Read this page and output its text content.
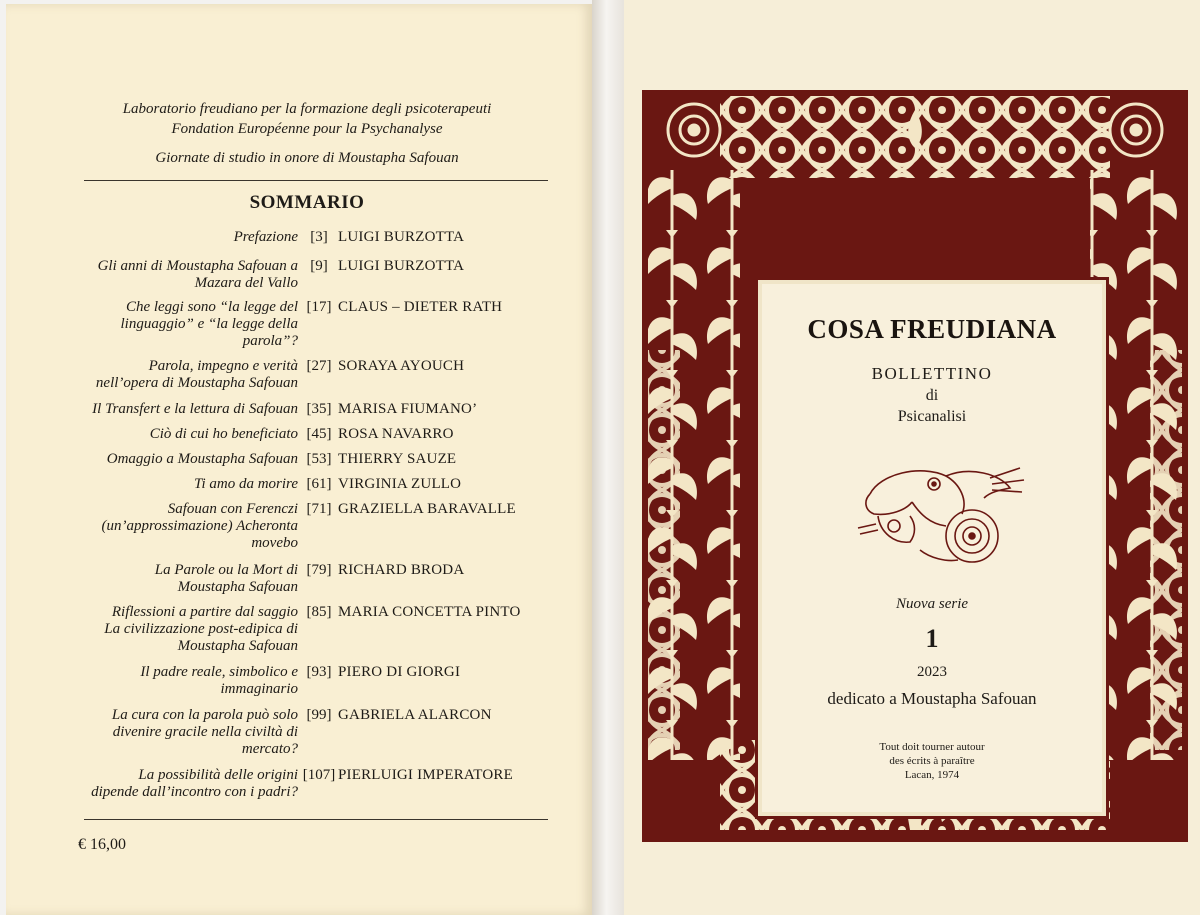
Laboratorio freudiano per la formazione degli psicoterapeuti
Fondation Européenne pour la Psychanalyse
Giornate di studio in onore di Moustapha Safouan
SOMMARIO
Prefazione [3] LUIGI BURZOTTA
Gli anni di Moustapha Safouan a
Mazara del Vallo
[9] LUIGI BURZOTTA
Che leggi sono “la legge del
linguaggio” e “la legge della
parola”?
[17] CLAUS – DIETER RATH
Parola, impegno e verità
nell’opera di Moustapha Safouan
[27] SORAYA AYOUCH
Il Transfert e la lettura di Safouan [35] MARISA FIUMANO’
Ciò di cui ho beneficiato [45] ROSA NAVARRO
Omaggio a Moustapha Safouan [53] THIERRY SAUZE
Ti amo da morire [61] VIRGINIA ZULLO
Safouan con Ferenczi
(un’approssimazione) Acheronta
movebo
[71] GRAZIELLA BARAVALLE
La Parole ou la Mort di
Moustapha Safouan
[79] RICHARD BRODA
Riflessioni a partire dal saggio
La civilizzazione post-edipica di
Moustapha Safouan
[85] MARIA CONCETTA PINTO
Il padre reale, simbolico e
immaginario
[93] PIERO DI GIORGI
La cura con la parola può solo
divenire gracile nella civiltà di
mercato?
[99] GABRIELA ALARCON
La possibilità delle origini
dipende dall’incontro con i padri?
[107] PIERLUIGI IMPERATORE
€ 16,00
COSA FREUDIANA
BOLLETTINO
di
Psicanalisi
Nuova serie
1
2023
dedicato a Moustapha Safouan
Tout doit tourner autour
des écrits à paraître
Lacan, 1974
